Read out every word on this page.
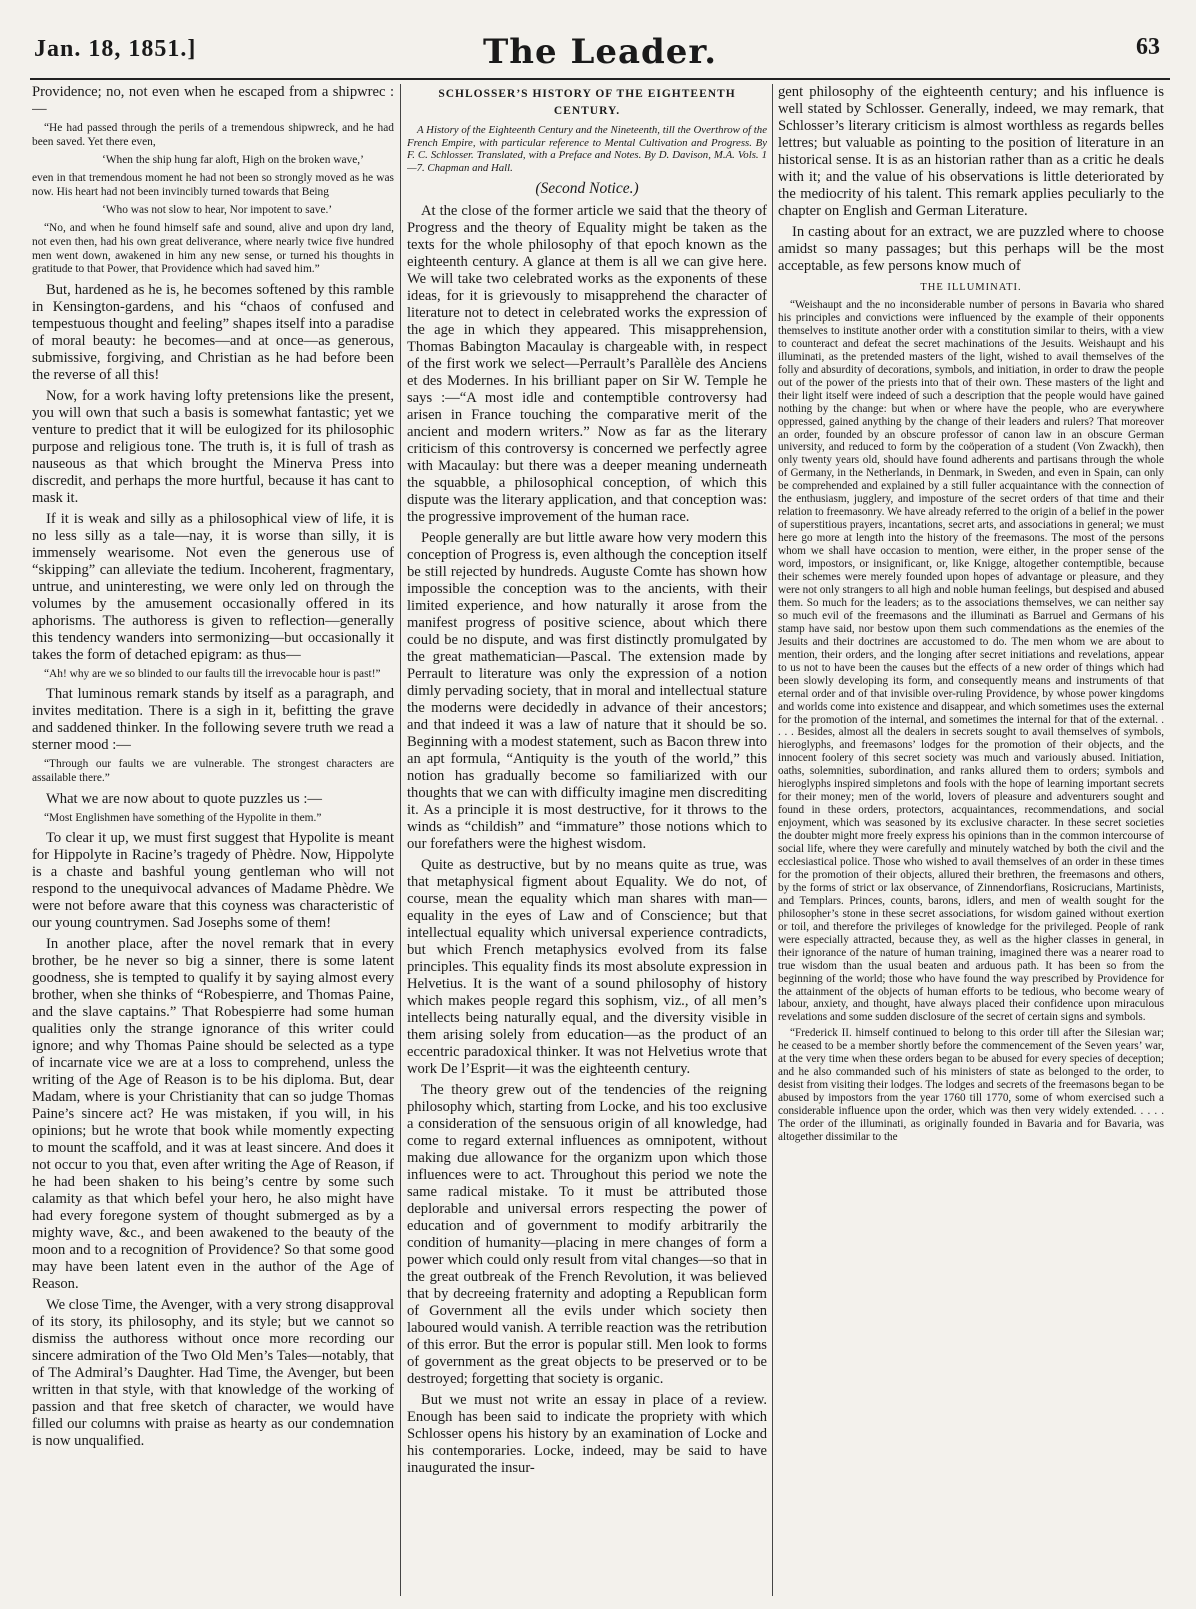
Jan. 18, 1851.]	The Leader.	63

Providence; no, not even when he escaped from a shipwrec :—

“He had passed through the perils of a tremendous shipwreck, and he had been saved. Yet there even,

‘When the ship hung far aloft, High on the broken wave,’

even in that tremendous moment he had not been so strongly moved as he was now. His heart had not been invincibly turned towards that Being

‘Who was not slow to hear, Nor impotent to save.’

“No, and when he found himself safe and sound, alive and upon dry land, not even then, had his own great deliverance, where nearly twice five hundred men went down, awakened in him any new sense, or turned his thoughts in gratitude to that Power, that Providence which had saved him.”

But, hardened as he is, he becomes softened by this ramble in Kensington-gardens, and his “chaos of confused and tempestuous thought and feeling” shapes itself into a paradise of moral beauty: he becomes—and at once—as generous, submissive, forgiving, and Christian as he had before been the reverse of all this!

Now, for a work having lofty pretensions like the present, you will own that such a basis is somewhat fantastic; yet we venture to predict that it will be eulogized for its philosophic purpose and religious tone. The truth is, it is full of trash as nauseous as that which brought the Minerva Press into discredit, and perhaps the more hurtful, because it has cant to mask it.

If it is weak and silly as a philosophical view of life, it is no less silly as a tale—nay, it is worse than silly, it is immensely wearisome. Not even the generous use of “skipping” can alleviate the tedium. Incoherent, fragmentary, untrue, and uninteresting, we were only led on through the volumes by the amusement occasionally offered in its aphorisms. The authoress is given to reflection—generally this tendency wanders into sermonizing—but occasionally it takes the form of detached epigram: as thus—

“Ah! why are we so blinded to our faults till the irrevocable hour is past!”

That luminous remark stands by itself as a paragraph, and invites meditation. There is a sigh in it, befitting the grave and saddened thinker. In the following severe truth we read a sterner mood :—

“Through our faults we are vulnerable. The strongest characters are assailable there.”

What we are now about to quote puzzles us :—

“Most Englishmen have something of the Hypolite in them.”

To clear it up, we must first suggest that Hypolite is meant for Hippolyte in Racine’s tragedy of Phèdre. Now, Hippolyte is a chaste and bashful young gentleman who will not respond to the unequivocal advances of Madame Phèdre. We were not before aware that this coyness was characteristic of our young countrymen. Sad Josephs some of them!

In another place, after the novel remark that in every brother, be he never so big a sinner, there is some latent goodness, she is tempted to qualify it by saying almost every brother, when she thinks of “Robespierre, and Thomas Paine, and the slave captains.” That Robespierre had some human qualities only the strange ignorance of this writer could ignore; and why Thomas Paine should be selected as a type of incarnate vice we are at a loss to comprehend, unless the writing of the Age of Reason is to be his diploma. But, dear Madam, where is your Christianity that can so judge Thomas Paine’s sincere act? He was mistaken, if you will, in his opinions; but he wrote that book while momently expecting to mount the scaffold, and it was at least sincere. And does it not occur to you that, even after writing the Age of Reason, if he had been shaken to his being’s centre by some such calamity as that which befel your hero, he also might have had every foregone system of thought submerged as by a mighty wave, &c., and been awakened to the beauty of the moon and to a recognition of Providence? So that some good may have been latent even in the author of the Age of Reason.

We close Time, the Avenger, with a very strong disapproval of its story, its philosophy, and its style; but we cannot so dismiss the authoress without once more recording our sincere admiration of the Two Old Men’s Tales—notably, that of The Admiral’s Daughter. Had Time, the Avenger, but been written in that style, with that knowledge of the working of passion and that free sketch of character, we would have filled our columns with praise as hearty as our condemnation is now unqualified.

SCHLOSSER’S HISTORY OF THE EIGHTEENTH CENTURY.

A History of the Eighteenth Century and the Nineteenth, till the Overthrow of the French Empire, with particular reference to Mental Cultivation and Progress. By F. C. Schlosser. Translated, with a Preface and Notes. By D. Davison, M.A. Vols. 1—7. Chapman and Hall.

(Second Notice.)

At the close of the former article we said that the theory of Progress and the theory of Equality might be taken as the texts for the whole philosophy of that epoch known as the eighteenth century. A glance at them is all we can give here. We will take two celebrated works as the exponents of these ideas, for it is grievously to misapprehend the character of literature not to detect in celebrated works the expression of the age in which they appeared. This misapprehension, Thomas Babington Macaulay is chargeable with, in respect of the first work we select—Perrault’s Parallèle des Anciens et des Modernes. In his brilliant paper on Sir W. Temple he says :—“A most idle and contemptible controversy had arisen in France touching the comparative merit of the ancient and modern writers.” Now as far as the literary criticism of this controversy is concerned we perfectly agree with Macaulay: but there was a deeper meaning underneath the squabble, a philosophical conception, of which this dispute was the literary application, and that conception was: the progressive improvement of the human race.

People generally are but little aware how very modern this conception of Progress is, even although the conception itself be still rejected by hundreds. Auguste Comte has shown how impossible the conception was to the ancients, with their limited experience, and how naturally it arose from the manifest progress of positive science, about which there could be no dispute, and was first distinctly promulgated by the great mathematician—Pascal. The extension made by Perrault to literature was only the expression of a notion dimly pervading society, that in moral and intellectual stature the moderns were decidedly in advance of their ancestors; and that indeed it was a law of nature that it should be so. Beginning with a modest statement, such as Bacon threw into an apt formula, “Antiquity is the youth of the world,” this notion has gradually become so familiarized with our thoughts that we can with difficulty imagine men discrediting it. As a principle it is most destructive, for it throws to the winds as “childish” and “immature” those notions which to our forefathers were the highest wisdom.

Quite as destructive, but by no means quite as true, was that metaphysical figment about Equality. We do not, of course, mean the equality which man shares with man—equality in the eyes of Law and of Conscience; but that intellectual equality which universal experience contradicts, but which French metaphysics evolved from its false principles. This equality finds its most absolute expression in Helvetius. It is the want of a sound philosophy of history which makes people regard this sophism, viz., of all men’s intellects being naturally equal, and the diversity visible in them arising solely from education—as the product of an eccentric paradoxical thinker. It was not Helvetius wrote that work De l’Esprit—it was the eighteenth century.

The theory grew out of the tendencies of the reigning philosophy which, starting from Locke, and his too exclusive a consideration of the sensuous origin of all knowledge, had come to regard external influences as omnipotent, without making due allowance for the organizm upon which those influences were to act. Throughout this period we note the same radical mistake. To it must be attributed those deplorable and universal errors respecting the power of education and of government to modify arbitrarily the condition of humanity—placing in mere changes of form a power which could only result from vital changes—so that in the great outbreak of the French Revolution, it was believed that by decreeing fraternity and adopting a Republican form of Government all the evils under which society then laboured would vanish. A terrible reaction was the retribution of this error. But the error is popular still. Men look to forms of government as the great objects to be preserved or to be destroyed; forgetting that society is organic.

But we must not write an essay in place of a review. Enough has been said to indicate the propriety with which Schlosser opens his history by an examination of Locke and his contemporaries. Locke, indeed, may be said to have inaugurated the insur-

gent philosophy of the eighteenth century; and his influence is well stated by Schlosser. Generally, indeed, we may remark, that Schlosser’s literary criticism is almost worthless as regards belles lettres; but valuable as pointing to the position of literature in an historical sense. It is as an historian rather than as a critic he deals with it; and the value of his observations is little deteriorated by the mediocrity of his talent. This remark applies peculiarly to the chapter on English and German Literature.

In casting about for an extract, we are puzzled where to choose amidst so many passages; but this perhaps will be the most acceptable, as few persons know much of

THE ILLUMINATI.

“Weishaupt and the no inconsiderable number of persons in Bavaria who shared his principles and convictions were influenced by the example of their opponents themselves to institute another order with a constitution similar to theirs, with a view to counteract and defeat the secret machinations of the Jesuits. Weishaupt and his illuminati, as the pretended masters of the light, wished to avail themselves of the folly and absurdity of decorations, symbols, and initiation, in order to draw the people out of the power of the priests into that of their own. These masters of the light and their light itself were indeed of such a description that the people would have gained nothing by the change: but when or where have the people, who are everywhere oppressed, gained anything by the change of their leaders and rulers? That moreover an order, founded by an obscure professor of canon law in an obscure German university, and reduced to form by the coöperation of a student (Von Zwackh), then only twenty years old, should have found adherents and partisans through the whole of Germany, in the Netherlands, in Denmark, in Sweden, and even in Spain, can only be comprehended and explained by a still fuller acquaintance with the connection of the enthusiasm, jugglery, and imposture of the secret orders of that time and their relation to freemasonry. We have already referred to the origin of a belief in the power of superstitious prayers, incantations, secret arts, and associations in general; we must here go more at length into the history of the freemasons. The most of the persons whom we shall have occasion to mention, were either, in the proper sense of the word, impostors, or insignificant, or, like Knigge, altogether contemptible, because their schemes were merely founded upon hopes of advantage or pleasure, and they were not only strangers to all high and noble human feelings, but despised and abused them. So much for the leaders; as to the associations themselves, we can neither say so much evil of the freemasons and the illuminati as Barruel and Germans of his stamp have said, nor bestow upon them such commendations as the enemies of the Jesuits and their doctrines are accustomed to do. The men whom we are about to mention, their orders, and the longing after secret initiations and revelations, appear to us not to have been the causes but the effects of a new order of things which had been slowly developing its form, and consequently means and instruments of that eternal order and of that invisible over-ruling Providence, by whose power kingdoms and worlds come into existence and disappear, and which sometimes uses the external for the promotion of the internal, and sometimes the internal for that of the external. . . . . Besides, almost all the dealers in secrets sought to avail themselves of symbols, hieroglyphs, and freemasons’ lodges for the promotion of their objects, and the innocent foolery of this secret society was much and variously abused. Initiation, oaths, solemnities, subordination, and ranks allured them to orders; symbols and hieroglyphs inspired simpletons and fools with the hope of learning important secrets for their money; men of the world, lovers of pleasure and adventurers sought and found in these orders, protectors, acquaintances, recommendations, and social enjoyment, which was seasoned by its exclusive character. In these secret societies the doubter might more freely express his opinions than in the common intercourse of social life, where they were carefully and minutely watched by both the civil and the ecclesiastical police. Those who wished to avail themselves of an order in these times for the promotion of their objects, allured their brethren, the freemasons and others, by the forms of strict or lax observance, of Zinnendorfians, Rosicrucians, Martinists, and Templars. Princes, counts, barons, idlers, and men of wealth sought for the philosopher’s stone in these secret associations, for wisdom gained without exertion or toil, and therefore the privileges of knowledge for the privileged. People of rank were especially attracted, because they, as well as the higher classes in general, in their ignorance of the nature of human training, imagined there was a nearer road to true wisdom than the usual beaten and arduous path. It has been so from the beginning of the world; those who have found the way prescribed by Providence for the attainment of the objects of human efforts to be tedious, who become weary of labour, anxiety, and thought, have always placed their confidence upon miraculous revelations and some sudden disclosure of the secret of certain signs and symbols.

“Frederick II. himself continued to belong to this order till after the Silesian war; he ceased to be a member shortly before the commencement of the Seven years’ war, at the very time when these orders began to be abused for every species of deception; and he also commanded such of his ministers of state as belonged to the order, to desist from visiting their lodges. The lodges and secrets of the freemasons began to be abused by impostors from the year 1760 till 1770, some of whom exercised such a considerable influence upon the order, which was then very widely extended. . . . . The order of the illuminati, as originally founded in Bavaria and for Bavaria, was altogether dissimilar to the
